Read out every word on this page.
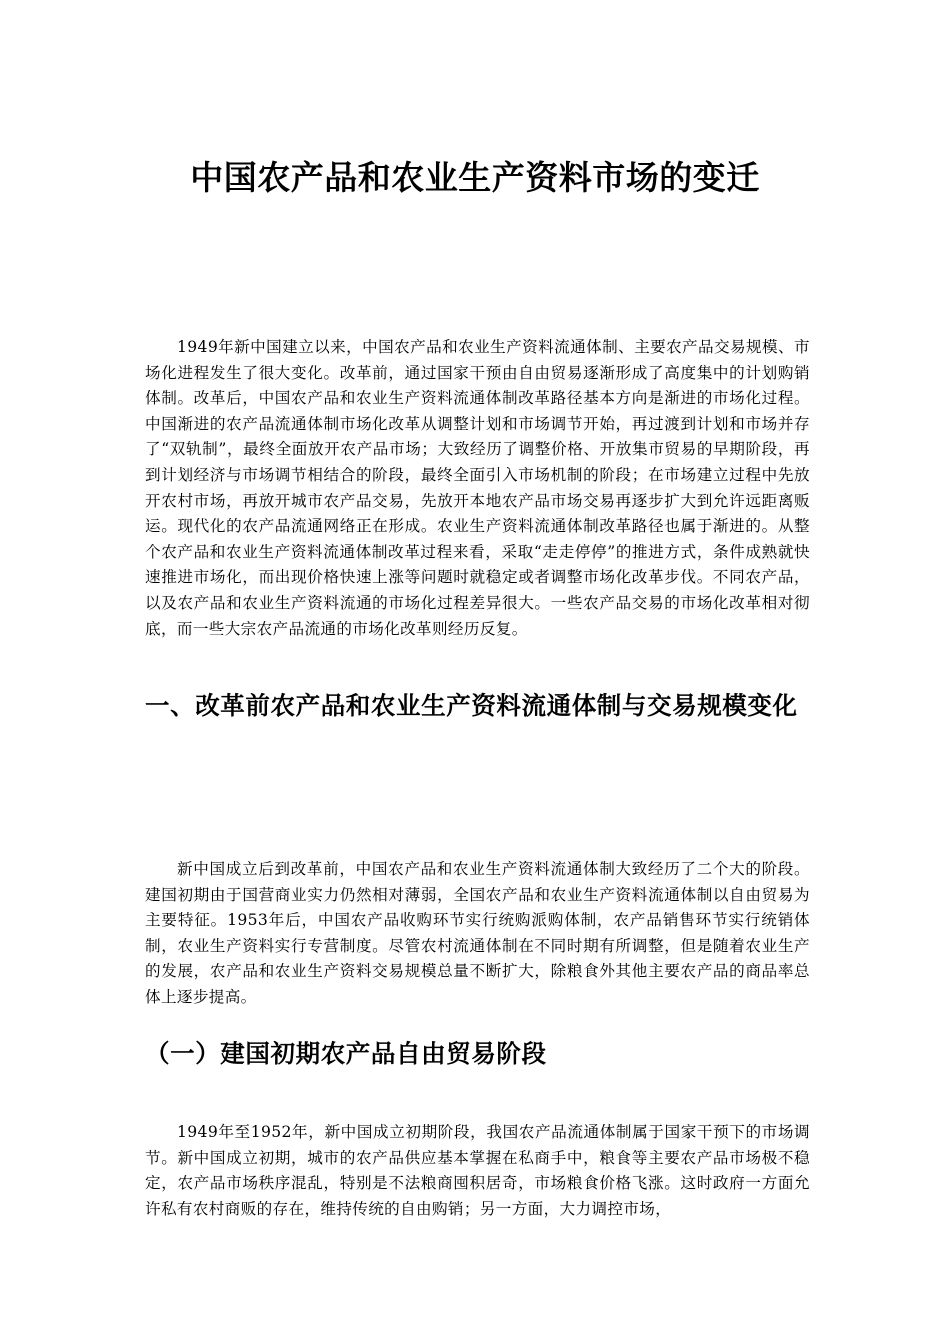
中国农产品和农业生产资料市场的变迁

1949年新中国建立以来，中国农产品和农业生产资料流通体制、主要农产品交易规模、市场化进程发生了很大变化。改革前，通过国家干预由自由贸易逐渐形成了高度集中的计划购销体制。改革后，中国农产品和农业生产资料流通体制改革路径基本方向是渐进的市场化过程。中国渐进的农产品流通体制市场化改革从调整计划和市场调节开始，再过渡到计划和市场并存了“双轨制”，最终全面放开农产品市场；大致经历了调整价格、开放集市贸易的早期阶段，再到计划经济与市场调节相结合的阶段，最终全面引入市场机制的阶段；在市场建立过程中先放开农村市场，再放开城市农产品交易，先放开本地农产品市场交易再逐步扩大到允许远距离贩运。现代化的农产品流通网络正在形成。农业生产资料流通体制改革路径也属于渐进的。从整个农产品和农业生产资料流通体制改革过程来看，采取“走走停停”的推进方式，条件成熟就快速推进市场化，而出现价格快速上涨等问题时就稳定或者调整市场化改革步伐。不同农产品，以及农产品和农业生产资料流通的市场化过程差异很大。一些农产品交易的市场化改革相对彻底，而一些大宗农产品流通的市场化改革则经历反复。

一、改革前农产品和农业生产资料流通体制与交易规模变化

新中国成立后到改革前，中国农产品和农业生产资料流通体制大致经历了二个大的阶段。建国初期由于国营商业实力仍然相对薄弱，全国农产品和农业生产资料流通体制以自由贸易为主要特征。1953年后，中国农产品收购环节实行统购派购体制，农产品销售环节实行统销体制，农业生产资料实行专营制度。尽管农村流通体制在不同时期有所调整，但是随着农业生产的发展，农产品和农业生产资料交易规模总量不断扩大，除粮食外其他主要农产品的商品率总体上逐步提高。

（一）建国初期农产品自由贸易阶段

1949年至1952年，新中国成立初期阶段，我国农产品流通体制属于国家干预下的市场调节。新中国成立初期，城市的农产品供应基本掌握在私商手中，粮食等主要农产品市场极不稳定，农产品市场秩序混乱，特别是不法粮商囤积居奇，市场粮食价格飞涨。这时政府一方面允许私有农村商贩的存在，维持传统的自由购销；另一方面，大力调控市场，
